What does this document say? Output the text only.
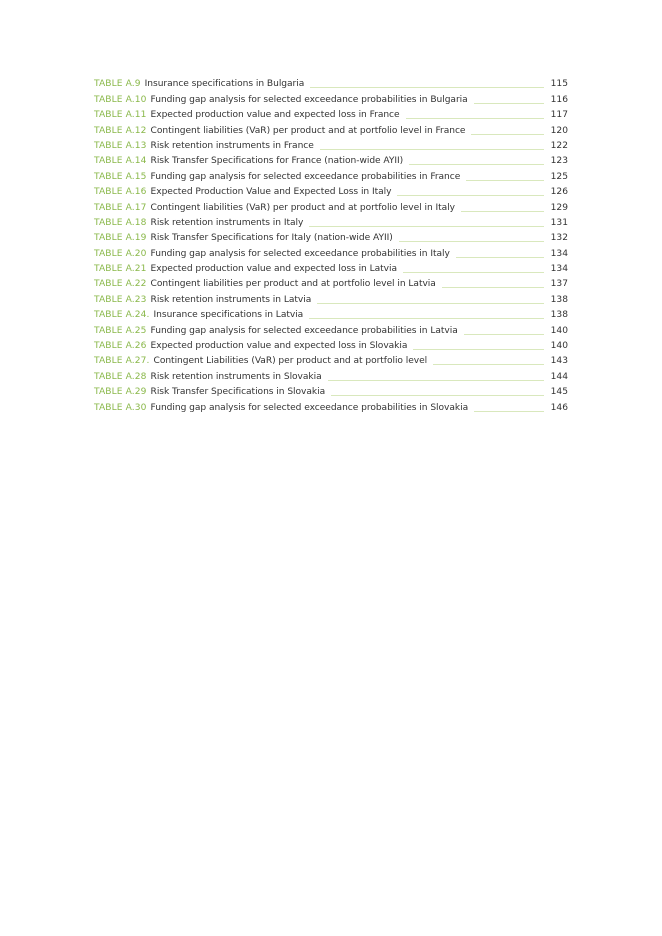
TABLE A.9 Insurance specifications in Bulgaria	115
TABLE A.10 Funding gap analysis for selected exceedance probabilities in Bulgaria	116
TABLE A.11 Expected production value and expected loss in France	117
TABLE A.12 Contingent liabilities (VaR) per product and at portfolio level in France	120
TABLE A.13 Risk retention instruments in France	122
TABLE A.14 Risk Transfer Specifications for France (nation-wide AYII)	123
TABLE A.15 Funding gap analysis for selected exceedance probabilities in France	125
TABLE A.16 Expected Production Value and Expected Loss in Italy	126
TABLE A.17 Contingent liabilities (VaR) per product and at portfolio level in Italy	129
TABLE A.18 Risk retention instruments in Italy	131
TABLE A.19 Risk Transfer Specifications for Italy (nation-wide AYII)	132
TABLE A.20 Funding gap analysis for selected exceedance probabilities in Italy	134
TABLE A.21 Expected production value and expected loss in Latvia	134
TABLE A.22 Contingent liabilities per product and at portfolio level in Latvia	137
TABLE A.23 Risk retention instruments in Latvia	138
TABLE A.24. Insurance specifications in Latvia	138
TABLE A.25 Funding gap analysis for selected exceedance probabilities in Latvia	140
TABLE A.26 Expected production value and expected loss in Slovakia	140
TABLE A.27. Contingent Liabilities (VaR) per product and at portfolio level	143
TABLE A.28 Risk retention instruments in Slovakia	144
TABLE A.29 Risk Transfer Specifications in Slovakia	145
TABLE A.30 Funding gap analysis for selected exceedance probabilities in Slovakia	146
